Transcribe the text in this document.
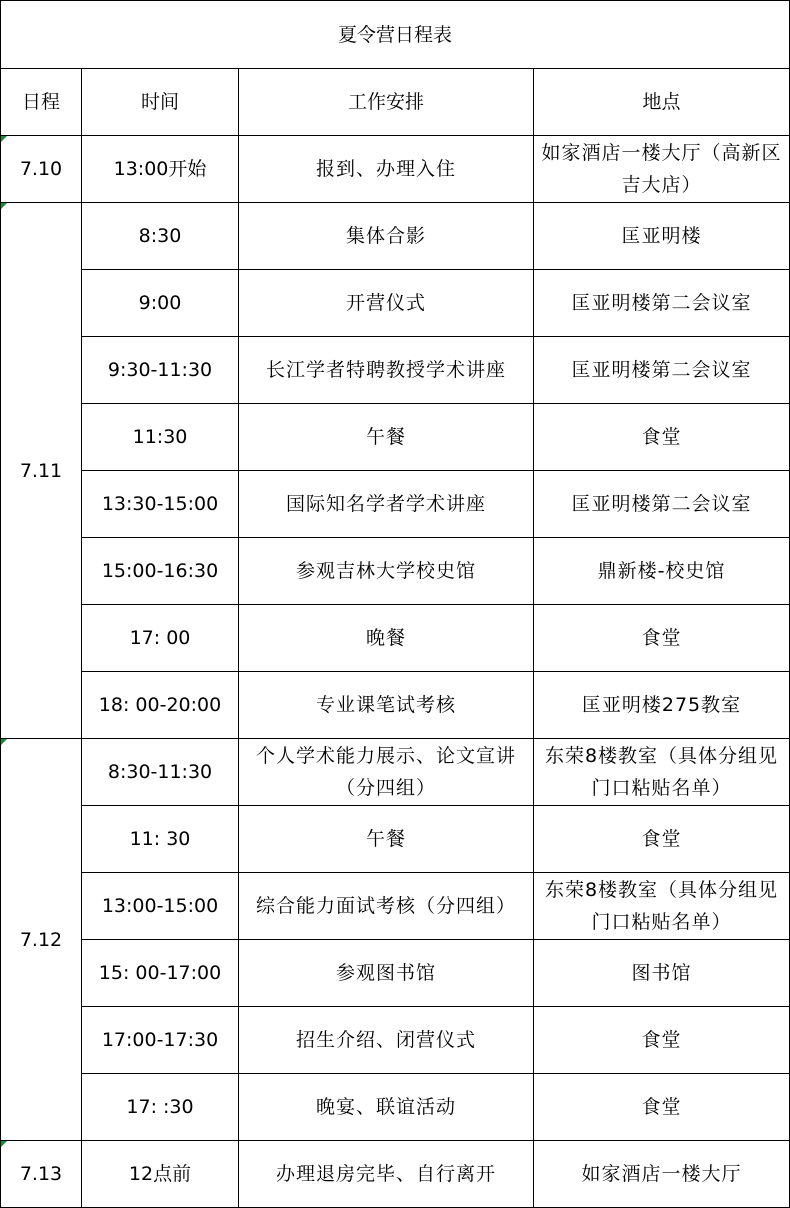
夏令营日程表			
日程	时间	工作安排	地点

7.10	13:00开始	报到、办理入住	如家酒店一楼大厅（高新区吉大店）

7.11	8:30	集体合影	匡亚明楼
	9:00	开营仪式	匡亚明楼第二会议室
	9:30-11:30	长江学者特聘教授学术讲座	匡亚明楼第二会议室
	11:30	午餐	食堂
	13:30-15:00	国际知名学者学术讲座	匡亚明楼第二会议室
	15:00-16:30	参观吉林大学校史馆	鼎新楼-校史馆
	17: 00	晚餐	食堂
	18: 00-20:00	专业课笔试考核	匡亚明楼275教室

7.12	8:30-11:30	个人学术能力展示、论文宣讲（分四组）	东荣8楼教室（具体分组见门口粘贴名单）
	11: 30	午餐	食堂
	13:00-15:00	综合能力面试考核（分四组）	东荣8楼教室（具体分组见门口粘贴名单）
	15: 00-17:00	参观图书馆	图书馆
	17:00-17:30	招生介绍、闭营仪式	食堂
	17: :30	晚宴、联谊活动	食堂

7.13	12点前	办理退房完毕、自行离开	如家酒店一楼大厅
